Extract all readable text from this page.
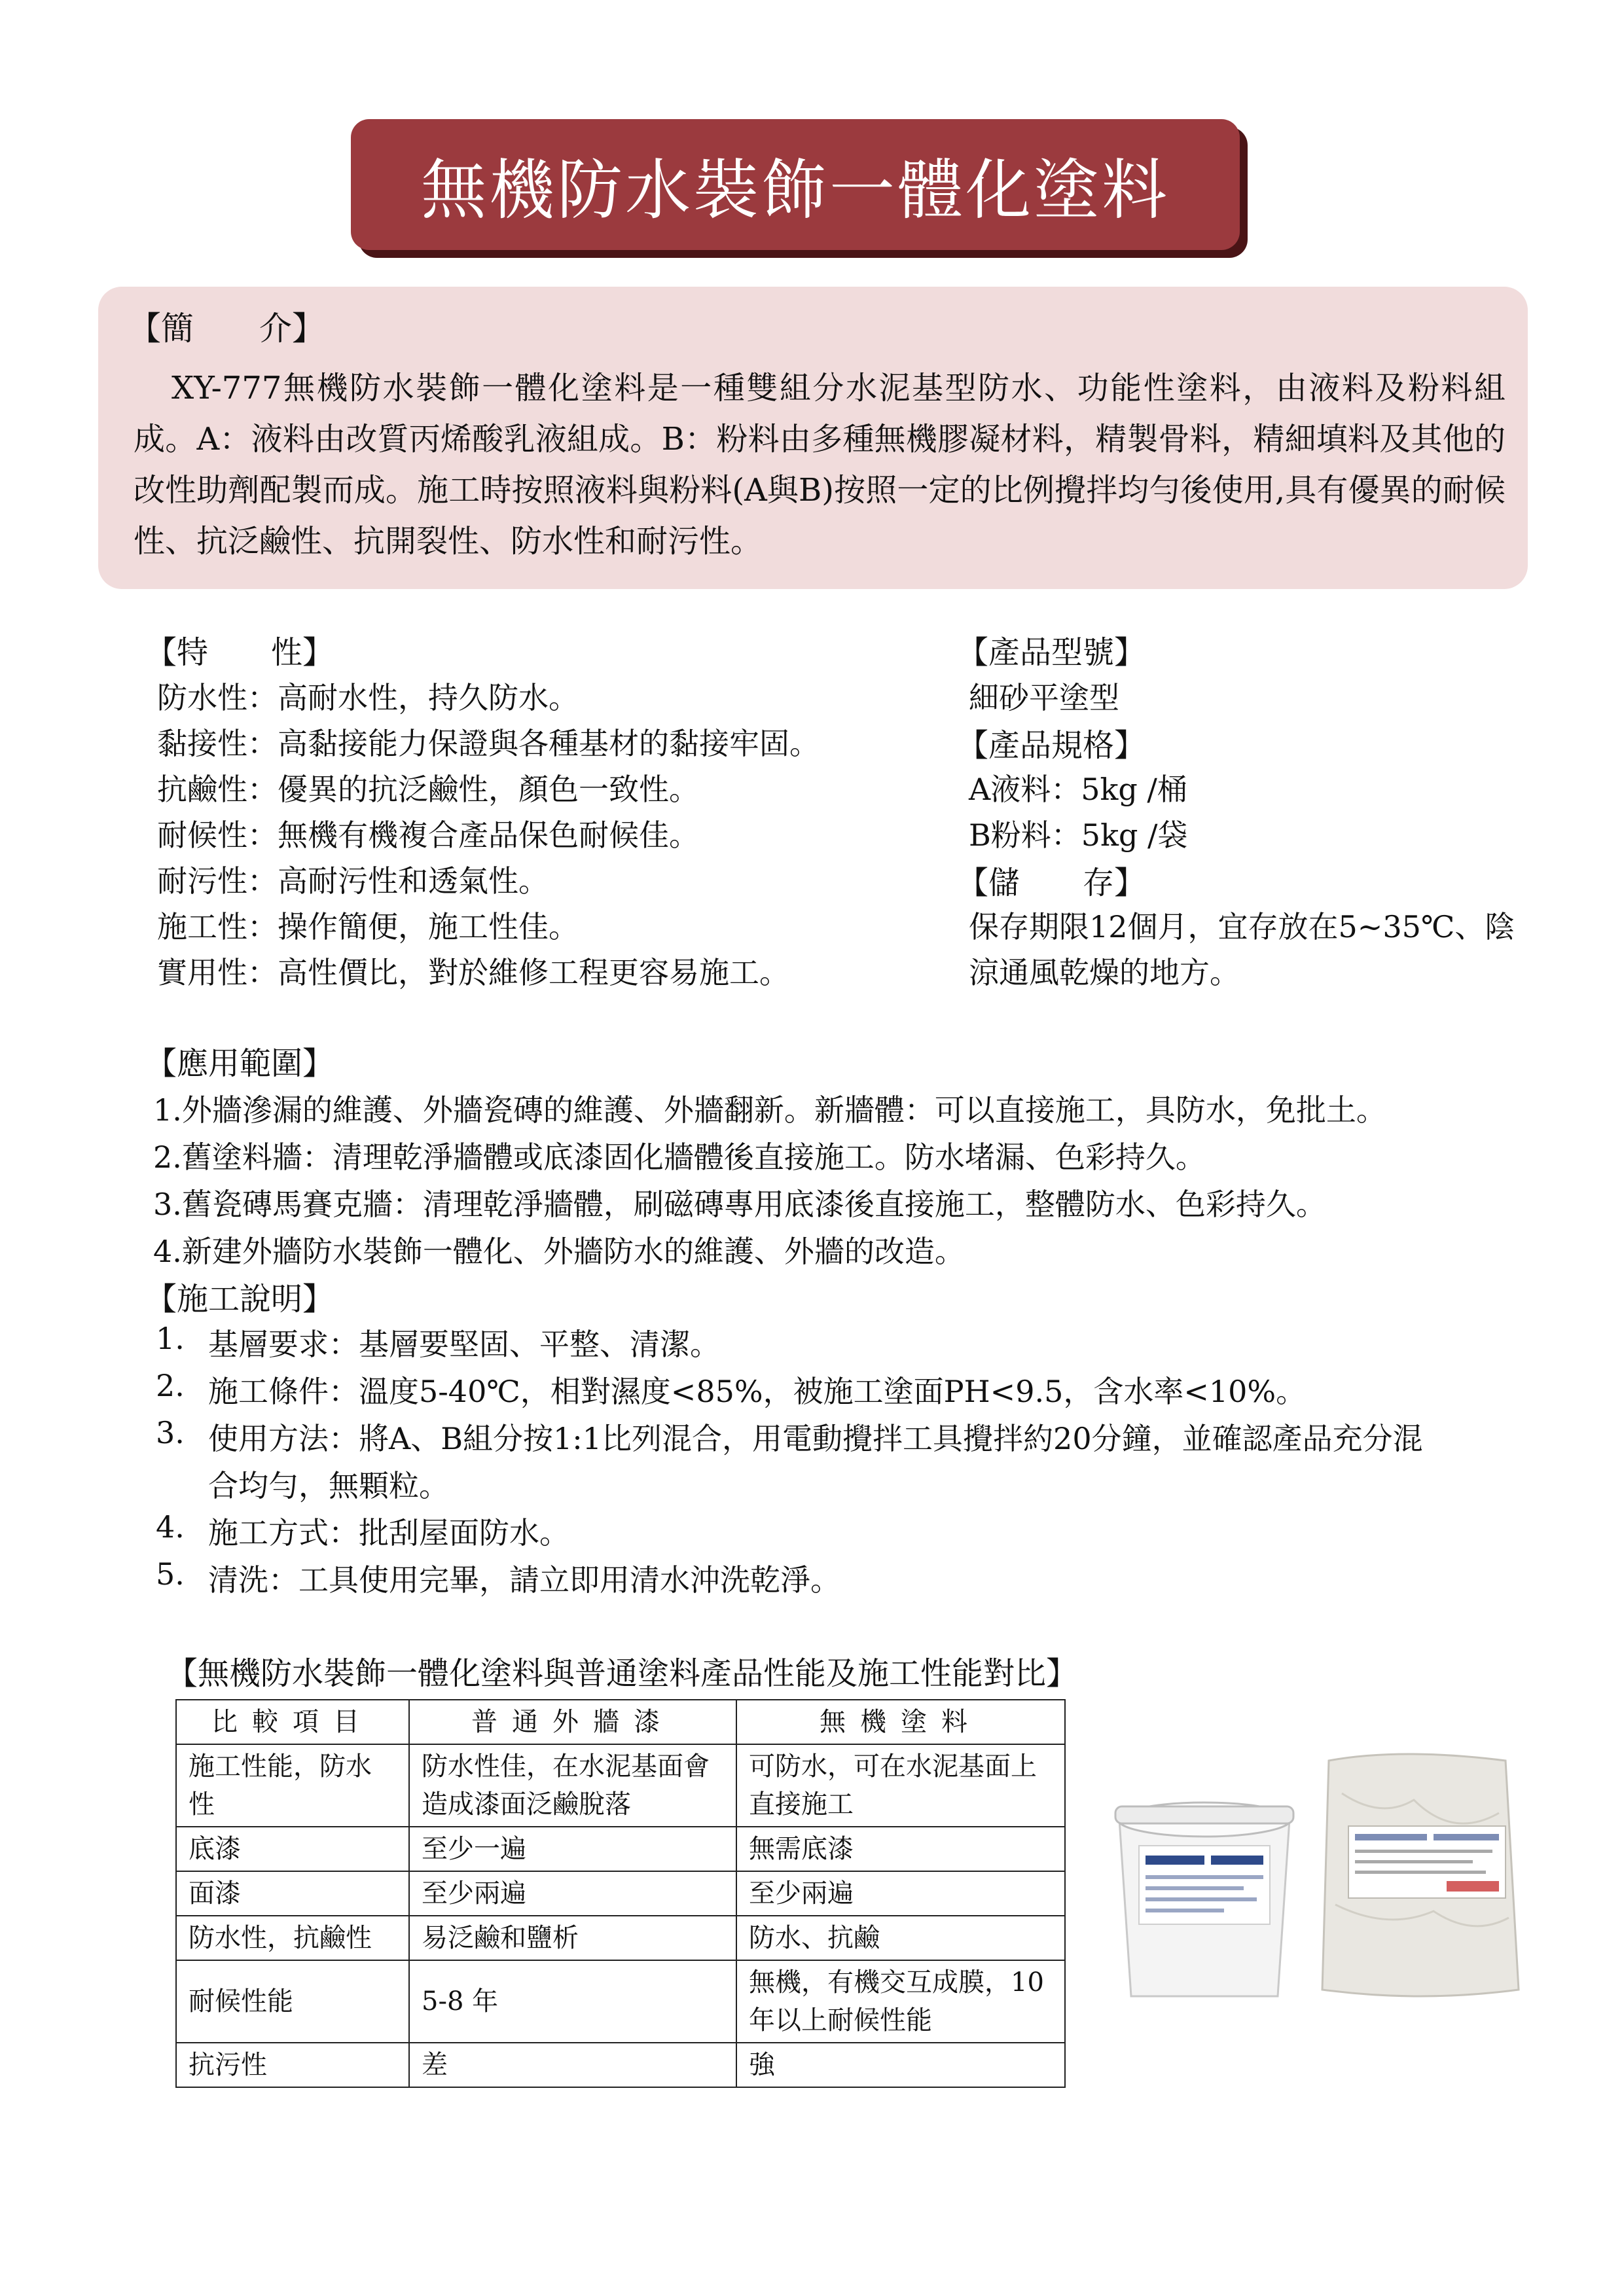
無機防水裝飾一體化塗料
【簡　　介】
XY-777無機防水裝飾一體化塗料是一種雙組分水泥基型防水、功能性塗料，由液料及粉料組成。A：液料由改質丙烯酸乳液組成。B：粉料由多種無機膠凝材料，精製骨料，精細填料及其他的改性助劑配製而成。施工時按照液料與粉料(A與B)按照一定的比例攪拌均勻後使用,具有優異的耐候性、抗泛鹼性、抗開裂性、防水性和耐污性。
【特　　性】
防水性：高耐水性，持久防水。
黏接性：高黏接能力保證與各種基材的黏接牢固。
抗鹼性：優異的抗泛鹼性，顏色一致性。
耐候性：無機有機複合產品保色耐候佳。
耐污性：高耐污性和透氣性。
施工性：操作簡便，施工性佳。
實用性：高性價比，對於維修工程更容易施工。
【產品型號】
細砂平塗型
【產品規格】
A液料：5kg /桶
B粉料：5kg /袋
【儲　　存】
保存期限12個月，宜存放在5~35℃、陰
涼通風乾燥的地方。
【應用範圍】
1.外牆滲漏的維護、外牆瓷磚的維護、外牆翻新。新牆體：可以直接施工，具防水，免批土。
2.舊塗料牆：清理乾淨牆體或底漆固化牆體後直接施工。防水堵漏、色彩持久。
3.舊瓷磚馬賽克牆：清理乾淨牆體，刷磁磚專用底漆後直接施工，整體防水、色彩持久。
4.新建外牆防水裝飾一體化、外牆防水的維護、外牆的改造。
【施工說明】
1. 基層要求：基層要堅固、平整、清潔。
2. 施工條件：溫度5-40℃，相對濕度<85%，被施工塗面PH<9.5，含水率<10%。
3. 使用方法：將A、B組分按1:1比列混合，用電動攪拌工具攪拌約20分鐘，並確認產品充分混
合均勻，無顆粒。
4. 施工方式：批刮屋面防水。
5. 清洗：工具使用完畢，請立即用清水沖洗乾淨。
【無機防水裝飾一體化塗料與普通塗料產品性能及施工性能對比】
比較項目	普通外牆漆	無機塗料
施工性能，防水性	防水性佳，在水泥基面會造成漆面泛鹼脫落	可防水，可在水泥基面上直接施工
底漆	至少一遍	無需底漆
面漆	至少兩遍	至少兩遍
防水性，抗鹼性	易泛鹼和鹽析	防水、抗鹼
耐候性能	5-8 年	無機，有機交互成膜，10 年以上耐候性能
抗污性	差	強
